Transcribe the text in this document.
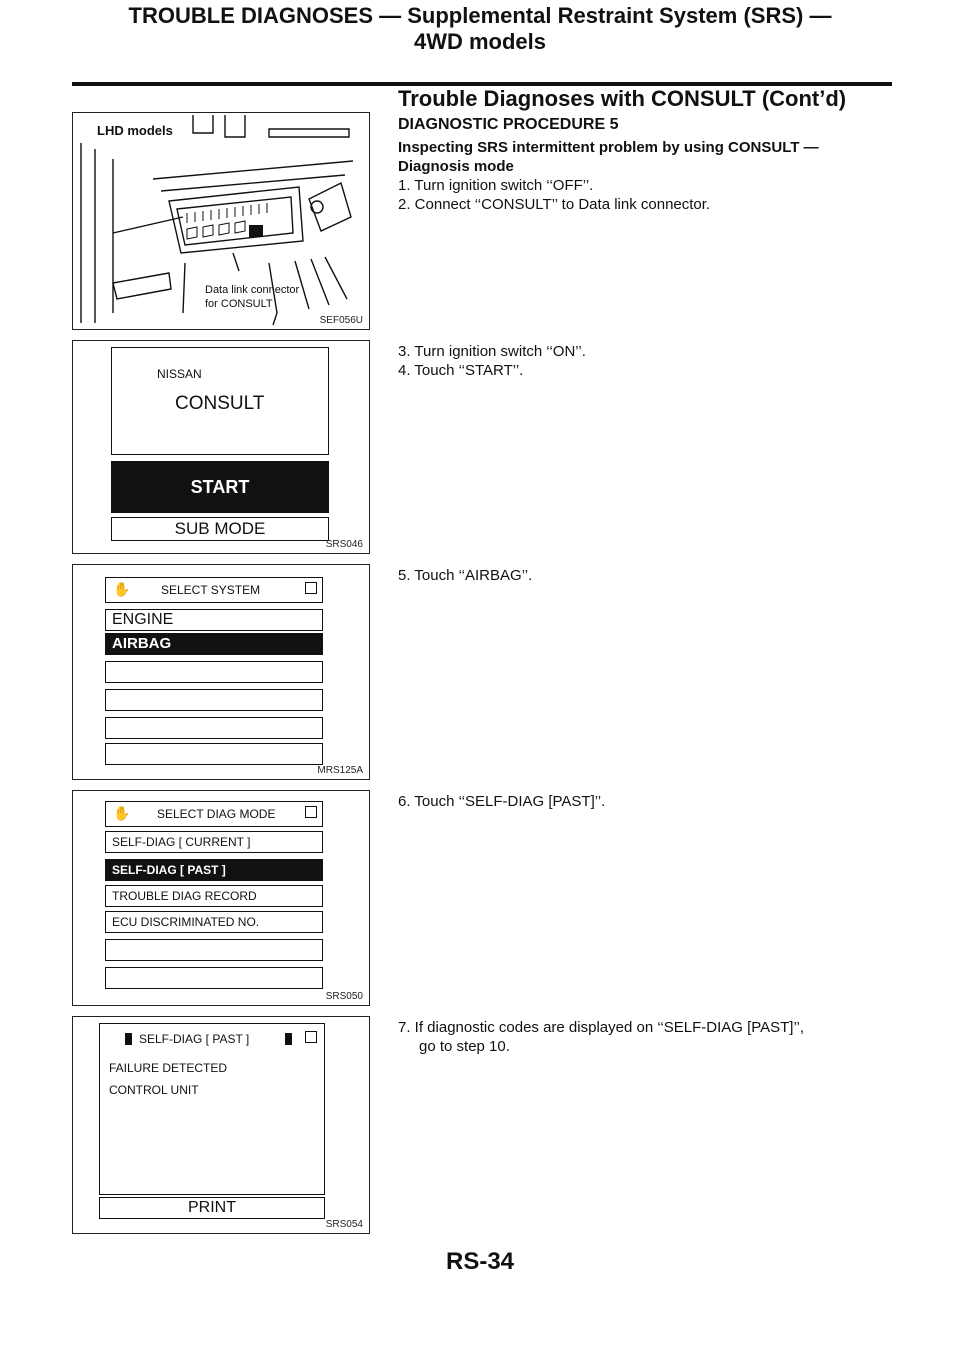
TROUBLE DIAGNOSES — Supplemental Restraint System (SRS) —
4WD models
Trouble Diagnoses with CONSULT (Cont’d)
LHD models
Data link connector
for CONSULT
SEF056U
NISSAN
CONSULT
START
SUB MODE
SRS046
✋	SELECT SYSTEM
ENGINE
AIRBAG
MRS125A
✋ SELECT DIAG MODE
SELF-DIAG [ CURRENT ]
SELF-DIAG [ PAST ]
TROUBLE DIAG RECORD
ECU DISCRIMINATED NO.
SRS050
SELF-DIAG [ PAST ]
FAILURE DETECTED
CONTROL UNIT
PRINT
SRS054
DIAGNOSTIC PROCEDURE 5
Inspecting SRS intermittent problem by using CONSULT — Diagnosis mode
1. Turn ignition switch ‘‘OFF’’.
2. Connect ‘‘CONSULT’’ to Data link connector.
3. Turn ignition switch ‘‘ON’’.
4. Touch ‘‘START’’.
5. Touch ‘‘AIRBAG’’.
6. Touch ‘‘SELF-DIAG [PAST]’’.
7. If diagnostic codes are displayed on ‘‘SELF-DIAG [PAST]’’,
go to step 10.
RS-34
